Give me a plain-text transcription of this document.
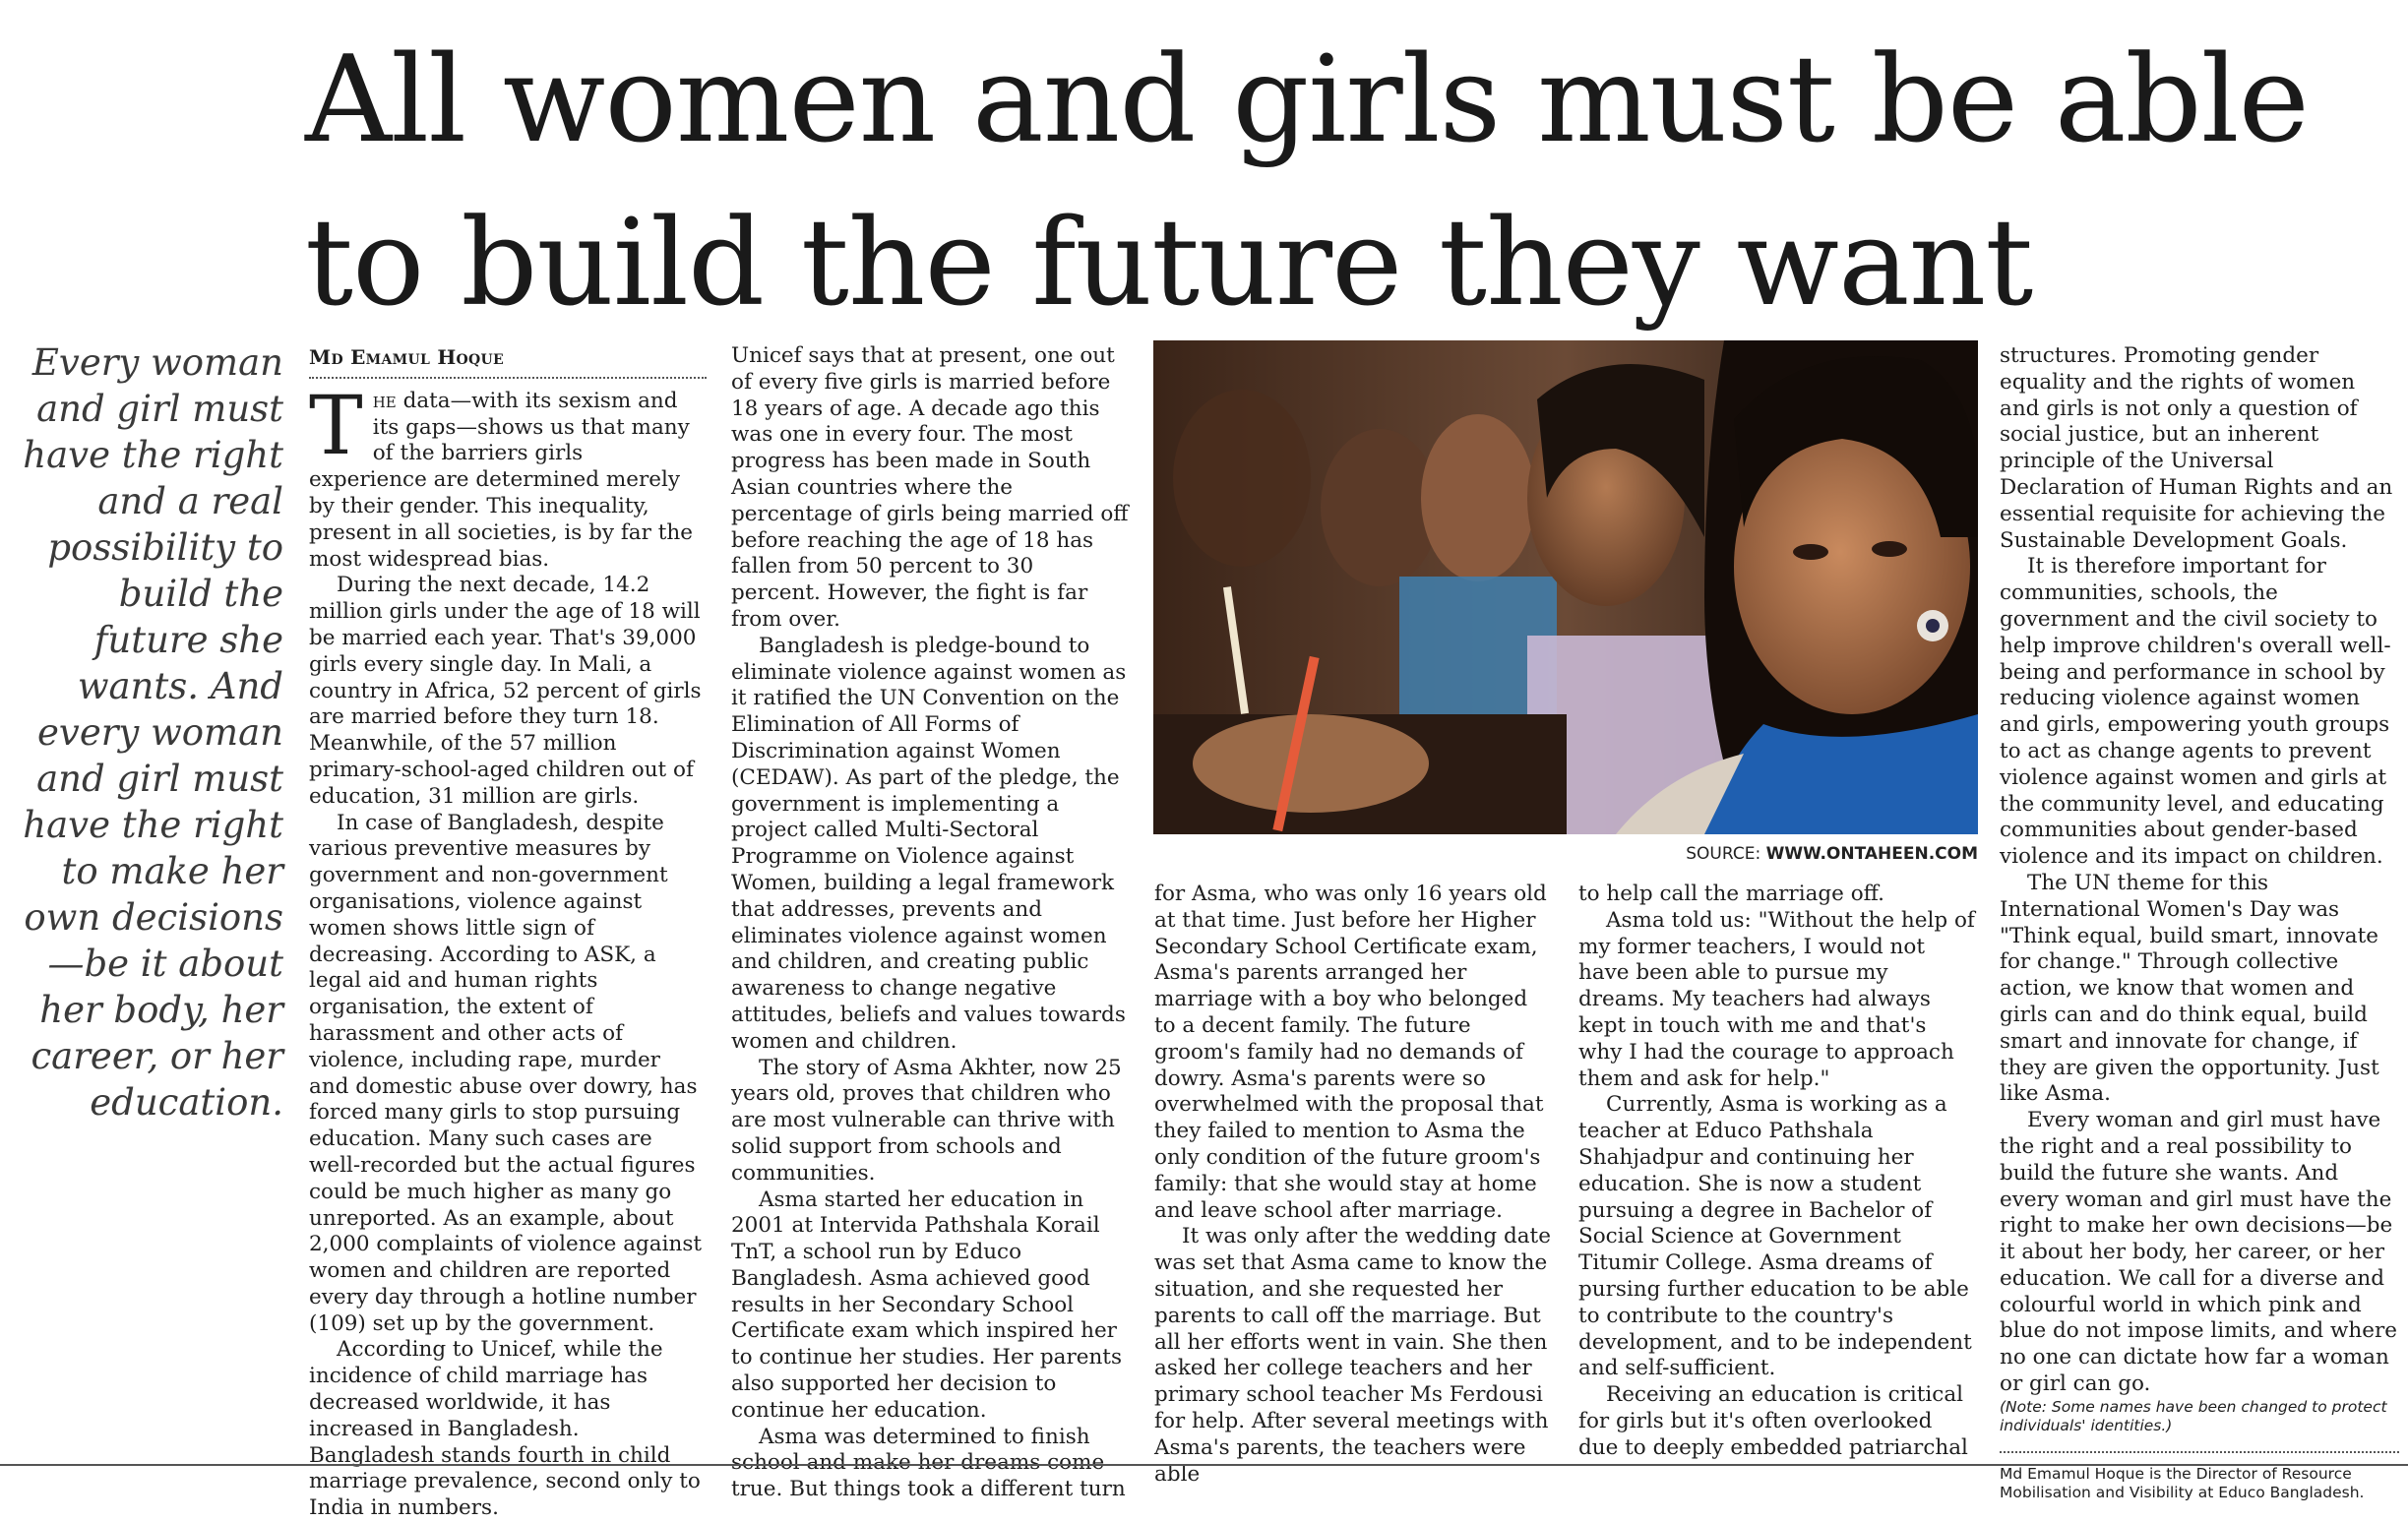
All women and girls must be able
to build the future they want

Every woman and girl must have the right and a real possibility to build the future she wants. And every woman and girl must have the right to make her own decisions—be it about her body, her career, or her education.

Md Emamul Hoque

The data—with its sexism and its gaps—shows us that many of the barriers girls experience are determined merely by their gender. This inequality, present in all societies, is by far the most widespread bias.

During the next decade, 14.2 million girls under the age of 18 will be married each year. That's 39,000 girls every single day. In Mali, a country in Africa, 52 percent of girls are married before they turn 18. Meanwhile, of the 57 million primary-school-aged children out of education, 31 million are girls.

In case of Bangladesh, despite various preventive measures by government and non-government organisations, violence against women shows little sign of decreasing. According to ASK, a legal aid and human rights organisation, the extent of harassment and other acts of violence, including rape, murder and domestic abuse over dowry, has forced many girls to stop pursuing education. Many such cases are well-recorded but the actual figures could be much higher as many go unreported. As an example, about 2,000 complaints of violence against women and children are reported every day through a hotline number (109) set up by the government.

According to Unicef, while the incidence of child marriage has decreased worldwide, it has increased in Bangladesh. Bangladesh stands fourth in child marriage prevalence, second only to India in numbers.

Unicef says that at present, one out of every five girls is married before 18 years of age. A decade ago this was one in every four. The most progress has been made in South Asian countries where the percentage of girls being married off before reaching the age of 18 has fallen from 50 percent to 30 percent. However, the fight is far from over.

Bangladesh is pledge-bound to eliminate violence against women as it ratified the UN Convention on the Elimination of All Forms of Discrimination against Women (CEDAW). As part of the pledge, the government is implementing a project called Multi-Sectoral Programme on Violence against Women, building a legal framework that addresses, prevents and eliminates violence against women and children, and creating public awareness to change negative attitudes, beliefs and values towards women and children.

The story of Asma Akhter, now 25 years old, proves that children who are most vulnerable can thrive with solid support from schools and communities.

Asma started her education in 2001 at Intervida Pathshala Korail TnT, a school run by Educo Bangladesh. Asma achieved good results in her Secondary School Certificate exam which inspired her to continue her studies. Her parents also supported her decision to continue her education.

Asma was determined to finish school and make her dreams come true. But things took a different turn

SOURCE: WWW.ONTAHEEN.COM

for Asma, who was only 16 years old at that time. Just before her Higher Secondary School Certificate exam, Asma's parents arranged her marriage with a boy who belonged to a decent family. The future groom's family had no demands of dowry. Asma's parents were so overwhelmed with the proposal that they failed to mention to Asma the only condition of the future groom's family: that she would stay at home and leave school after marriage.

It was only after the wedding date was set that Asma came to know the situation, and she requested her parents to call off the marriage. But all her efforts went in vain. She then asked her college teachers and her primary school teacher Ms Ferdousi for help. After several meetings with Asma's parents, the teachers were able

to help call the marriage off.

Asma told us: "Without the help of my former teachers, I would not have been able to pursue my dreams. My teachers had always kept in touch with me and that's why I had the courage to approach them and ask for help."

Currently, Asma is working as a teacher at Educo Pathshala Shahjadpur and continuing her education. She is now a student pursuing a degree in Bachelor of Social Science at Government Titumir College. Asma dreams of pursing further education to be able to contribute to the country's development, and to be independent and self-sufficient.

Receiving an education is critical for girls but it's often overlooked due to deeply embedded patriarchal

structures. Promoting gender equality and the rights of women and girls is not only a question of social justice, but an inherent principle of the Universal Declaration of Human Rights and an essential requisite for achieving the Sustainable Development Goals.

It is therefore important for communities, schools, the government and the civil society to help improve children's overall well-being and performance in school by reducing violence against women and girls, empowering youth groups to act as change agents to prevent violence against women and girls at the community level, and educating communities about gender-based violence and its impact on children.

The UN theme for this International Women's Day was "Think equal, build smart, innovate for change." Through collective action, we know that women and girls can and do think equal, build smart and innovate for change, if they are given the opportunity. Just like Asma.

Every woman and girl must have the right and a real possibility to build the future she wants. And every woman and girl must have the right to make her own decisions—be it about her body, her career, or her education. We call for a diverse and colourful world in which pink and blue do not impose limits, and where no one can dictate how far a woman or girl can go.

(Note: Some names have been changed to protect individuals' identities.)

Md Emamul Hoque is the Director of Resource Mobilisation and Visibility at Educo Bangladesh.
